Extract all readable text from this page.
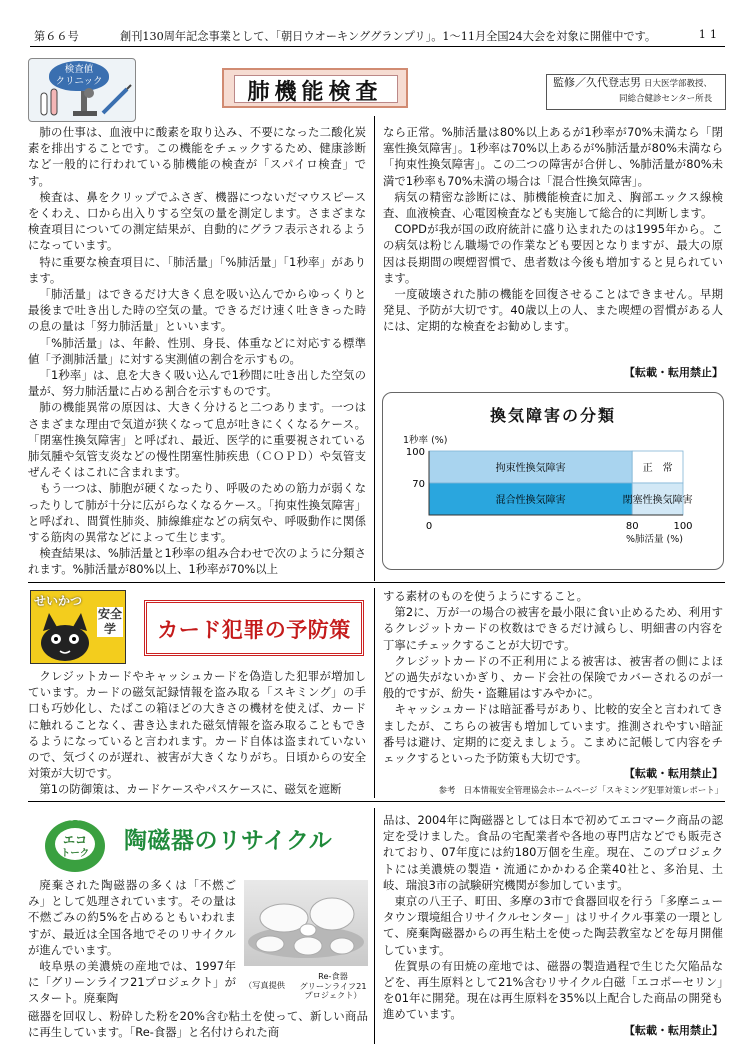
第６６号	創刊130周年記念事業として、「朝日ウオーキンググランプリ」。1～11月全国24大会を対象に開催中です。	11
検査値
クリニック	肺機能検査	監修／久代登志男 日大医学部教授、
同総合健診センター所長

肺の仕事は、血液中に酸素を取り込み、不要になった二酸化炭素を排出することです。この機能をチェックするため、健康診断など一般的に行われている肺機能の検査が「スパイロ検査」です。

検査は、鼻をクリップでふさぎ、機器につないだマウスピースをくわえ、口から出入りする空気の量を測定します。さまざまな検査項目についての測定結果が、自動的にグラフ表示されるようになっています。

特に重要な検査項目に、「肺活量」「%肺活量」「1秒率」があります。

「肺活量」はできるだけ大きく息を吸い込んでからゆっくりと最後まで吐き出した時の空気の量。できるだけ速く吐ききった時の息の量は「努力肺活量」といいます。

「%肺活量」は、年齢、性別、身長、体重などに対応する標準値「予測肺活量」に対する実測値の割合を示すもの。

「1秒率」は、息を大きく吸い込んで1秒間に吐き出した空気の量が、努力肺活量に占める割合を示すものです。

肺の機能異常の原因は、大きく分けると二つあります。一つはさまざまな理由で気道が狭くなって息が吐きにくくなるケース。「閉塞性換気障害」と呼ばれ、最近、医学的に重要視されている肺気腫や気管支炎などの慢性閉塞性肺疾患（ＣＯＰＤ）や気管支ぜんそくはこれに含まれます。

もう一つは、肺胞が硬くなったり、呼吸のための筋力が弱くなったりして肺が十分に広がらなくなるケース。「拘束性換気障害」と呼ばれ、間質性肺炎、肺線維症などの病気や、呼吸動作に関係する筋肉の異常などによって生じます。

検査結果は、%肺活量と1秒率の組み合わせで次のように分類されます。%肺活量が80%以上、1秒率が70%以上

なら正常。%肺活量は80%以上あるが1秒率が70%未満なら「閉塞性換気障害」。1秒率は70%以上あるが%肺活量が80%未満なら「拘束性換気障害」。この二つの障害が合併し、%肺活量が80%未満で1秒率も70%未満の場合は「混合性換気障害」。

病気の精密な診断には、肺機能検査に加え、胸部エックス線検査、血液検査、心電図検査なども実施して総合的に判断します。

COPDが我が国の政府統計に盛り込まれたのは1995年から。この病気は粉じん職場での作業なども要因となりますが、最大の原因は長期間の喫煙習慣で、患者数は今後も増加すると見られています。

一度破壊された肺の機能を回復させることはできません。早期発見、予防が大切です。40歳以上の人、また喫煙の習慣がある人には、定期的な検査をお勧めします。

【転載・転用禁止】
換気障害の分類
1秒率 (%)
%肺活量 (%)
拘束性換気障害	正　常
混合性換気障害	閉塞性換気障害
100
70
0	80	100
せいかつ
安全学	カード犯罪の予防策

クレジットカードやキャッシュカードを偽造した犯罪が増加しています。カードの磁気記録情報を盗み取る「スキミング」の手口も巧妙化し、たばこの箱ほどの大きさの機材を使えば、カードに触れることなく、書き込まれた磁気情報を盗み取ることもできるようになっていると言われます。カード自体は盗まれていないので、気づくのが遅れ、被害が大きくなりがち。日頃からの安全対策が大切です。

第1の防御策は、カードケースやパスケースに、磁気を遮断

する素材のものを使うようにすること。

第2に、万が一の場合の被害を最小限に食い止めるため、利用するクレジットカードの枚数はできるだけ減らし、明細書の内容を丁寧にチェックすることが大切です。

クレジットカードの不正利用による被害は、被害者の側によほどの過失がないかぎり、カード会社の保険でカバーされるのが一般的ですが、紛失・盗難届はすみやかに。

キャッシュカードは暗証番号があり、比較的安全と言われてきましたが、こちらの被害も増加しています。推測されやすい暗証番号は避け、定期的に変えましょう。こまめに記帳して内容をチェックするといった予防策も大切です。

【転載・転用禁止】
参考　日本情報安全管理協会ホームページ「スキミング犯罪対策レポート」
暮らしの
エコ
トーク	陶磁器のリサイクル

廃棄された陶磁器の多くは「不燃ごみ」として処理されています。その量は不燃ごみの約5%を占めるともいわれますが、最近は全国各地でそのリサイクルが進んでいます。

岐阜県の美濃焼の産地では、1997年に「グリーンライフ21プロジェクト」がスタート。廃棄陶

（写真提供
Re-食器
グリーンライフ21
プロジェクト）

磁器を回収し、粉砕した粉を20%含む粘土を使って、新しい商品に再生しています。「Re-食器」と名付けられた商

品は、2004年に陶磁器としては日本で初めてエコマーク商品の認定を受けました。食品の宅配業者や各地の専門店などでも販売されており、07年度には約180万個を生産。現在、このプロジェクトには美濃焼の製造・流通にかかわる企業40社と、多治見、土岐、瑞浪3市の試験研究機関が参加しています。

東京の八王子、町田、多摩の3市で食器回収を行う「多摩ニュータウン環境組合リサイクルセンター」はリサイクル事業の一環として、廃棄陶磁器からの再生粘土を使った陶芸教室などを毎月開催しています。

佐賀県の有田焼の産地では、磁器の製造過程で生じた欠陥品などを、再生原料として21%含むリサイクル白磁「エコポーセリン」を01年に開発。現在は再生原料を35%以上配合した商品の開発も進めています。

【転載・転用禁止】
